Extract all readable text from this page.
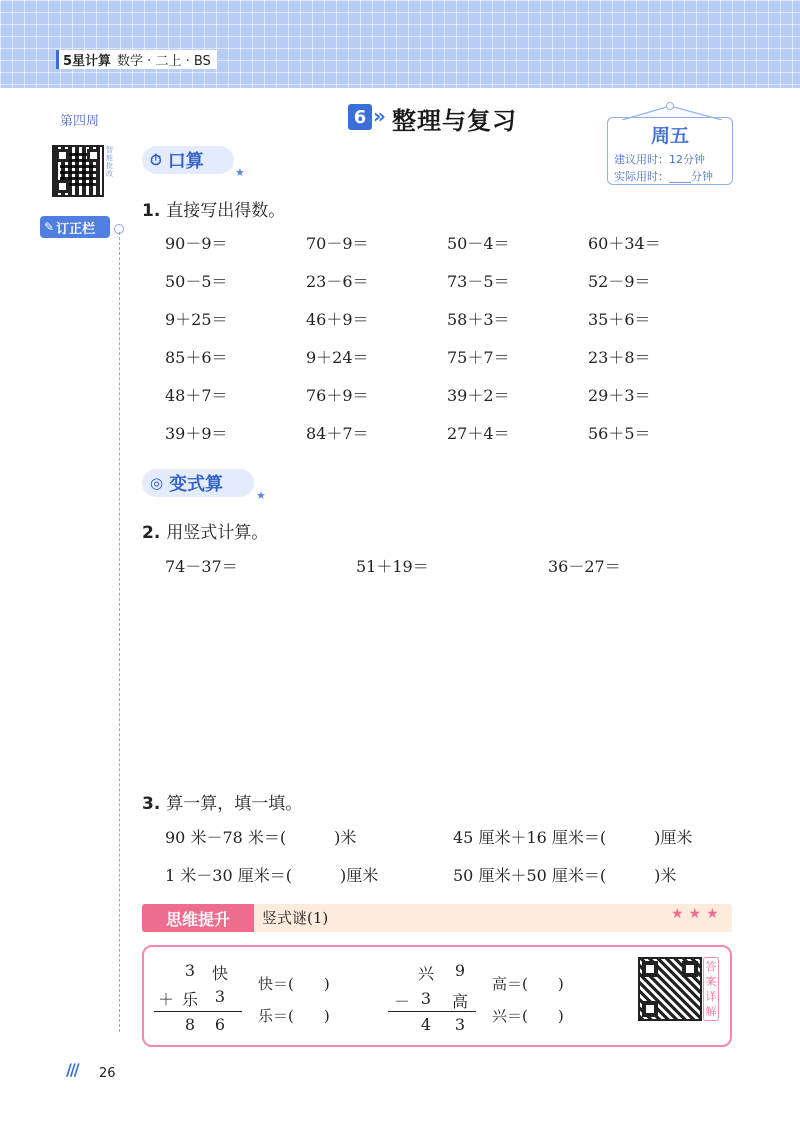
5星计算 数学 · 二上 · BS
第四周
智能批改
✎ 订正栏
6 » 整理与复习
周五
建议用时：12分钟
实际用时：____分钟
⏱ 口算
★
1. 直接写出得数。
90－9＝	70－9＝	50－4＝	60＋34＝
50－5＝	23－6＝	73－5＝	52－9＝
9＋25＝	46＋9＝	58＋3＝	35＋6＝
85＋6＝	9＋24＝	75＋7＝	23＋8＝
48＋7＝	76＋9＝	39＋2＝	29＋3＝
39＋9＝	84＋7＝	27＋4＝	56＋5＝
◎ 变式算
★
2. 用竖式计算。
74－37＝	51＋19＝	36－27＝
3. 算一算，填一填。
90 米－78 米＝(　　　)米	45 厘米＋16 厘米＝(　　　)厘米
1 米－30 厘米＝(　　　)厘米	50 厘米＋50 厘米＝(　　　)米
思维提升	竖式谜(1)	★★★
3	快
＋ 乐	3
8	6
快＝(　　)
乐＝(　　)
兴	9
－ 3	高
4	3
高＝(　　)
兴＝(　　)
答案详解
/// 26
